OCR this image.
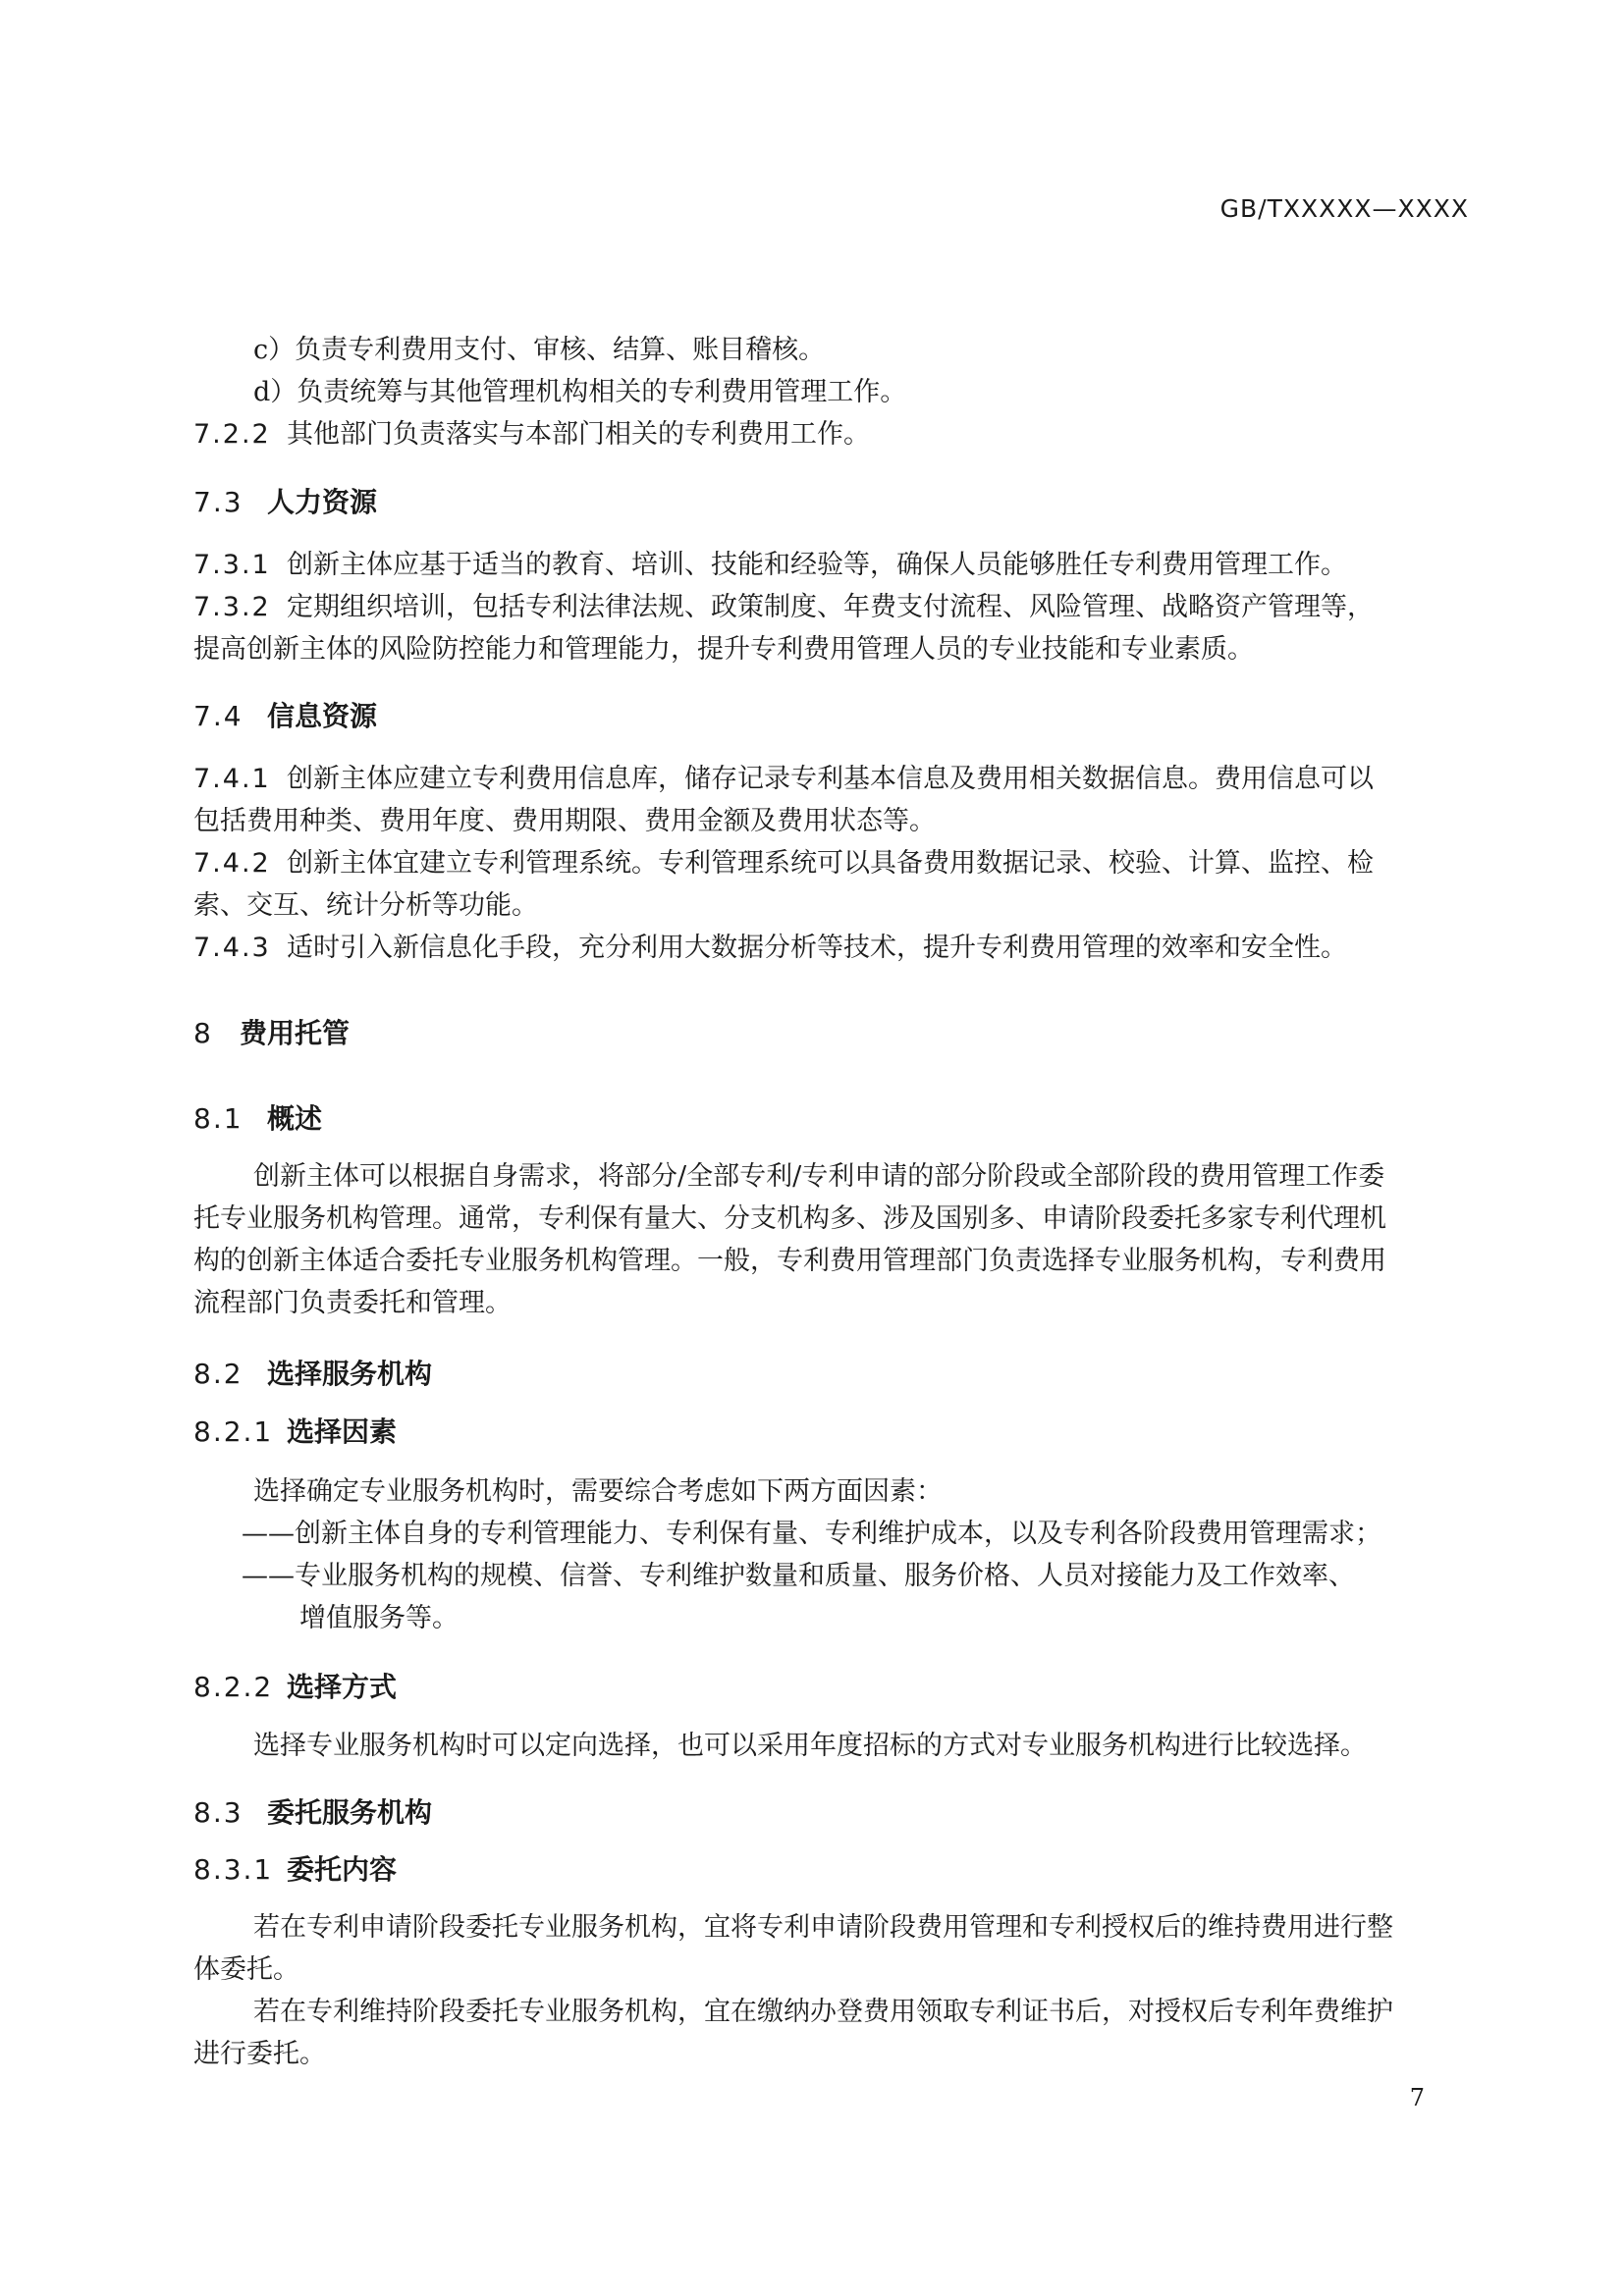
GB/TXXXXX—XXXX
c）负责专利费用支付、审核、结算、账目稽核。
d）负责统筹与其他管理机构相关的专利费用管理工作。
7.2.2 其他部门负责落实与本部门相关的专利费用工作。
7.3 人力资源
7.3.1 创新主体应基于适当的教育、培训、技能和经验等，确保人员能够胜任专利费用管理工作。
7.3.2 定期组织培训，包括专利法律法规、政策制度、年费支付流程、风险管理、战略资产管理等，
提高创新主体的风险防控能力和管理能力，提升专利费用管理人员的专业技能和专业素质。
7.4 信息资源
7.4.1 创新主体应建立专利费用信息库，储存记录专利基本信息及费用相关数据信息。费用信息可以
包括费用种类、费用年度、费用期限、费用金额及费用状态等。
7.4.2 创新主体宜建立专利管理系统。专利管理系统可以具备费用数据记录、校验、计算、监控、检
索、交互、统计分析等功能。
7.4.3 适时引入新信息化手段，充分利用大数据分析等技术，提升专利费用管理的效率和安全性。
8 费用托管
8.1 概述
创新主体可以根据自身需求，将部分/全部专利/专利申请的部分阶段或全部阶段的费用管理工作委
托专业服务机构管理。通常，专利保有量大、分支机构多、涉及国别多、申请阶段委托多家专利代理机
构的创新主体适合委托专业服务机构管理。一般，专利费用管理部门负责选择专业服务机构，专利费用
流程部门负责委托和管理。
8.2 选择服务机构
8.2.1 选择因素
选择确定专业服务机构时，需要综合考虑如下两方面因素：
——创新主体自身的专利管理能力、专利保有量、专利维护成本，以及专利各阶段费用管理需求；
——专业服务机构的规模、信誉、专利维护数量和质量、服务价格、人员对接能力及工作效率、
增值服务等。
8.2.2 选择方式
选择专业服务机构时可以定向选择，也可以采用年度招标的方式对专业服务机构进行比较选择。
8.3 委托服务机构
8.3.1 委托内容
若在专利申请阶段委托专业服务机构，宜将专利申请阶段费用管理和专利授权后的维持费用进行整
体委托。
若在专利维持阶段委托专业服务机构，宜在缴纳办登费用领取专利证书后，对授权后专利年费维护
进行委托。
7
